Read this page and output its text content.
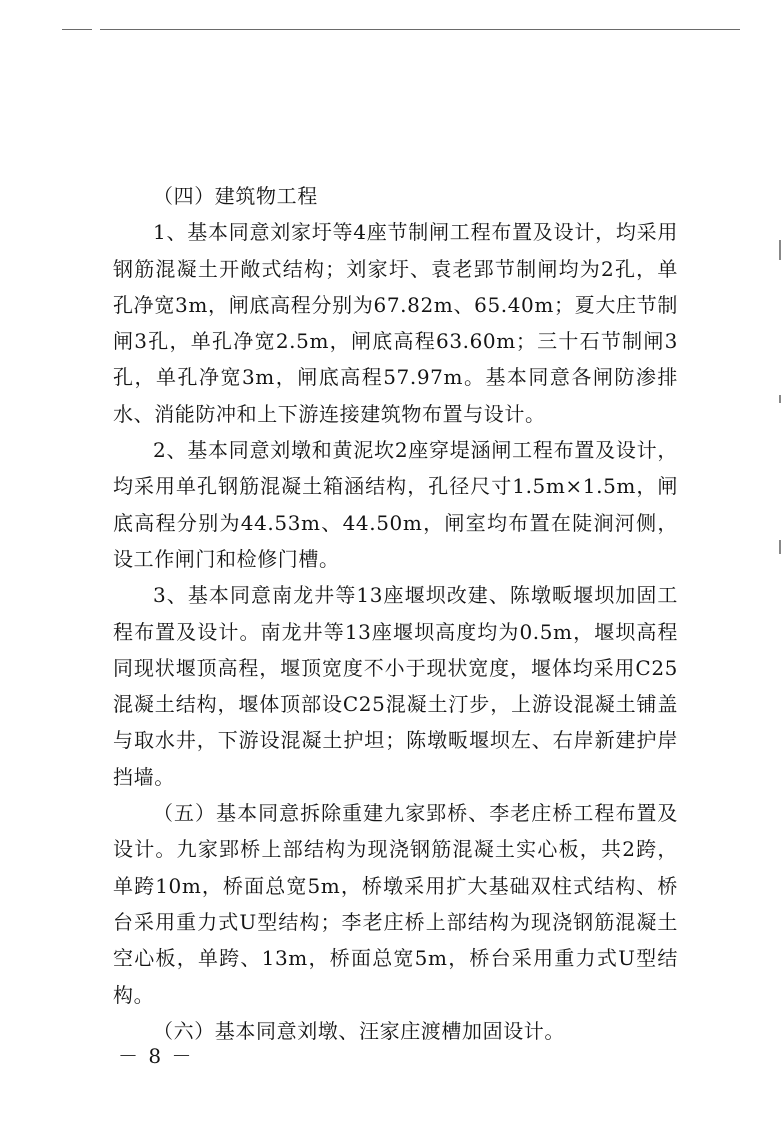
（四）建筑物工程

1、基本同意刘家圩等4座节制闸工程布置及设计，均采用钢筋混凝土开敞式结构；刘家圩、袁老郢节制闸均为2孔，单孔净宽3m，闸底高程分别为67.82m、65.40m；夏大庄节制闸3孔，单孔净宽2.5m，闸底高程63.60m；三十石节制闸3孔，单孔净宽3m，闸底高程57.97m。基本同意各闸防渗排水、消能防冲和上下游连接建筑物布置与设计。

2、基本同意刘墩和黄泥坎2座穿堤涵闸工程布置及设计，均采用单孔钢筋混凝土箱涵结构，孔径尺寸1.5m×1.5m，闸底高程分别为44.53m、44.50m，闸室均布置在陡涧河侧，设工作闸门和检修门槽。

3、基本同意南龙井等13座堰坝改建、陈墩畈堰坝加固工程布置及设计。南龙井等13座堰坝高度均为0.5m，堰坝高程同现状堰顶高程，堰顶宽度不小于现状宽度，堰体均采用C25混凝土结构，堰体顶部设C25混凝土汀步，上游设混凝土铺盖与取水井，下游设混凝土护坦；陈墩畈堰坝左、右岸新建护岸挡墙。

（五）基本同意拆除重建九家郢桥、李老庄桥工程布置及设计。九家郢桥上部结构为现浇钢筋混凝土实心板，共2跨，单跨10m，桥面总宽5m，桥墩采用扩大基础双柱式结构、桥台采用重力式U型结构；李老庄桥上部结构为现浇钢筋混凝土空心板，单跨、13m，桥面总宽5m，桥台采用重力式U型结构。

（六）基本同意刘墩、汪家庄渡槽加固设计。

－ 8 －
